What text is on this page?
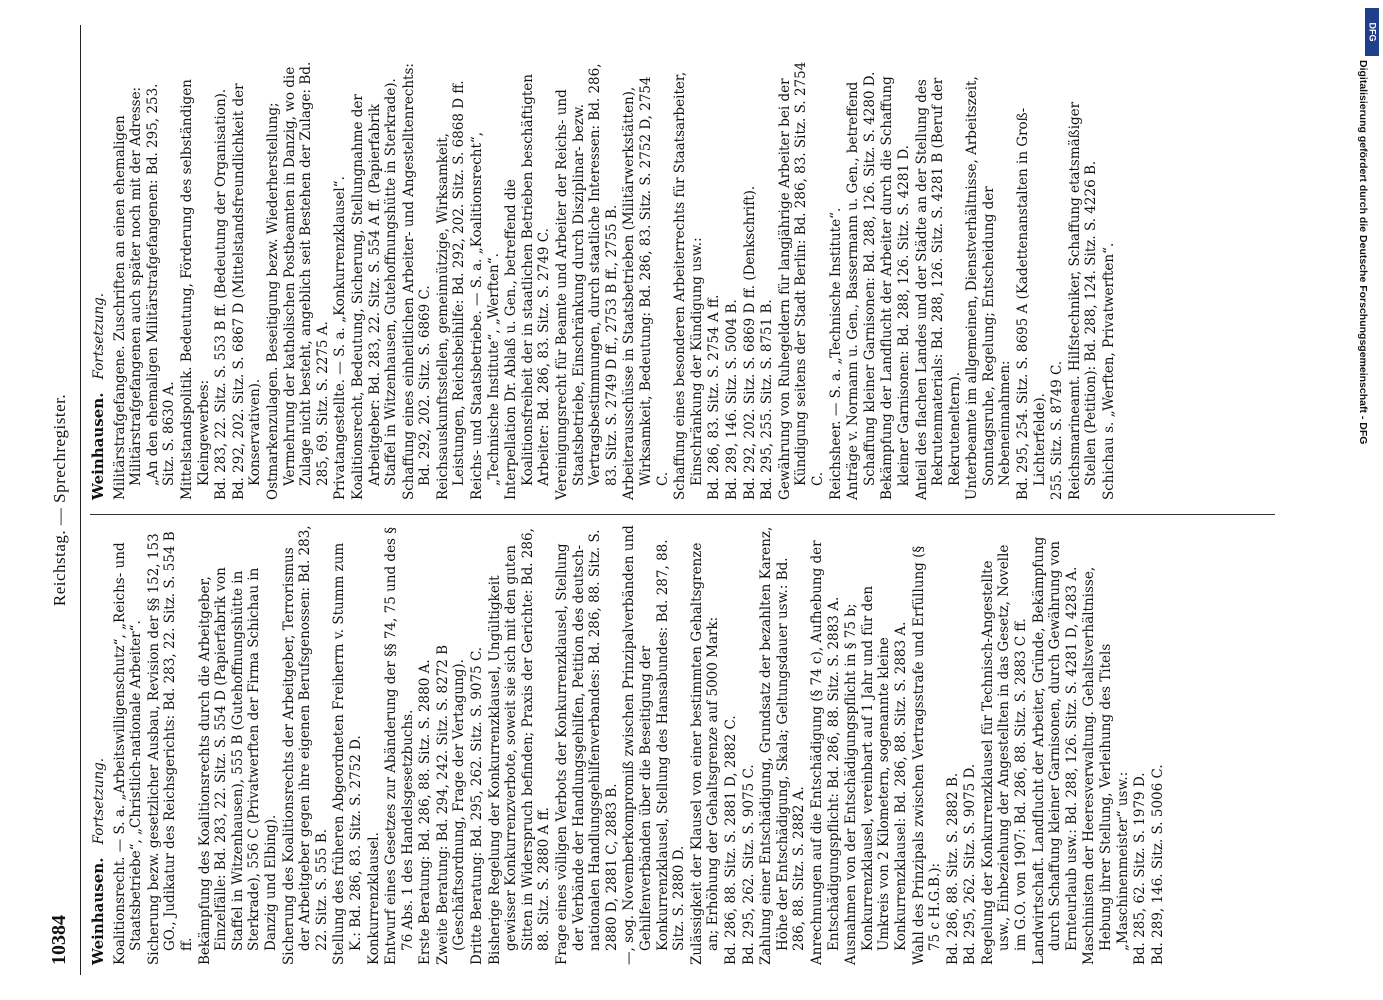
10384
Reichstag. — Sprechregister.
Weinhausen. Fortsetzung. Koalitionsrecht. — S. a. „Arbeitswilligenschutz“, „Reichs- und Staatsbetriebe“, „Christlich-nationale Arbeiter“. Sicherung bezw. gesetzlicher Ausbau, Revision der §§ 152, 153 GO., Judikatur des Reichsgerichts: Bd. 283, 22. Sitz. S. 554 B ff. Bekämpfung des Koalitionsrechts durch die Arbeitgeber, Einzelfälle: Bd. 283, 22. Sitz. S. 554 D (Papierfabrik von Staffel in Witzenhausen), 555 B (Gutehoffnungshütte in Sterkrade), 556 C (Privatwerften der Firma Schichau in Danzig und Elbing). Sicherung des Koalitionsrechts der Arbeitgeber, Terrorismus der Arbeitgeber gegen ihre eigenen Berufsgenossen: Bd. 283, 22. Sitz. S. 555 B. Stellung des früheren Abgeordneten Freiherrn v. Stumm zum K.: Bd. 286, 83. Sitz. S. 2752 D. Konkurrenzklausel. Entwurf eines Gesetzes zur Abänderung der §§ 74, 75 und des § 76 Abs. 1 des Handelsgesetzbuchs. Erste Beratung: Bd. 286, 88. Sitz. S. 2880 A. Zweite Beratung: Bd. 294, 242. Sitz. S. 8272 B (Geschäftsordnung, Frage der Vertagung). Dritte Beratung: Bd. 295, 262. Sitz. S. 9075 C. Bisherige Regelung der Konkurrenzklausel, Ungültigkeit gewisser Konkurrenzverbote, soweit sie sich mit den guten Sitten in Widerspruch befinden; Praxis der Gerichte: Bd. 286, 88. Sitz. S. 2880 A ff. Frage eines völligen Verbots der Konkurrenzklausel, Stellung der Verbände der Handlungsgehilfen, Petition des deutsch-nationalen Handlungsgehilfenverbandes: Bd. 286, 88. Sitz. S. 2880 D, 2881 C, 2883 B. —, sog. Novemberkompromiß zwischen Prinzipalverbänden und Gehilfenverbänden über die Beseitigung der Konkurrenzklausel, Stellung des Hansabundes: Bd. 287, 88. Sitz. S. 2880 D. Zulässigkeit der Klausel von einer bestimmten Gehaltsgrenze an; Erhöhung der Gehaltsgrenze auf 5000 Mark: Bd. 286, 88. Sitz. S. 2881 D, 2882 C. Bd. 295, 262. Sitz. S. 9075 C. Zahlung einer Entschädigung, Grundsatz der bezahlten Karenz, Höhe der Entschädigung, Skala; Geltungsdauer usw.: Bd. 286, 88. Sitz. S. 2882 A. Anrechnungen auf die Entschädigung (§ 74 c), Aufhebung der Entschädigungspflicht: Bd. 286, 88. Sitz. S. 2883 A. Ausnahmen von der Entschädigungspflicht in § 75 b; Konkurrenzklausel, vereinbart auf 1 Jahr und für den Umkreis von 2 Kilometern, sogenannte kleine Konkurrenzklausel: Bd. 286, 88. Sitz. S. 2883 A. Wahl des Prinzipals zwischen Vertragsstrafe und Erfüllung (§ 75 c H.G.B.): Bd. 286, 88. Sitz. S. 2882 B. Bd. 295, 262. Sitz. S. 9075 D. Regelung der Konkurrenzklausel für Technisch-Angestellte usw., Einbeziehung der Angestellten in das Gesetz, Novelle im G.O. von 1907: Bd. 286, 88. Sitz. S. 2883 C ff. Landwirtschaft. Landflucht der Arbeiter, Gründe, Bekämpfung durch Schaffung kleiner Garnisonen, durch Gewährung von Ernteurlaub usw.: Bd. 288, 126. Sitz. S. 4281 D, 4283 A. Maschinisten der Heeresverwaltung. Gehaltsverhältnisse, Hebung ihrer Stellung, Verleihung des Titels „Maschinenmeister“ usw.: Bd. 285, 62. Sitz. S. 1979 D. Bd. 289, 146. Sitz. S. 5006 C.
Weinhausen. Fortsetzung. Militärstrafgefangene. Zuschriften an einen ehemaligen Militärstrafgefangenen auch später noch mit der Adresse: „An den ehemaligen Militärstrafgefangenen: Bd. 295, 253. Sitz. S. 8630 A. Mittelstandspolitik. Bedeutung, Förderung des selbständigen Kleingewerbes: Bd. 283, 22. Sitz. S. 553 B ff. (Bedeutung der Organisation). Bd. 292, 202. Sitz. S. 6867 D (Mittelstandsfreundlichkeit der Konservativen). Ostmarkenzulagen. Beseitigung bezw. Wiederherstellung; Vermehrung der katholischen Postbeamten in Danzig, wo die Zulage nicht besteht, angeblich seit Bestehen der Zulage: Bd. 285, 69. Sitz. S. 2275 A. Privatangestellte. — S. a. „Konkurrenzklausel“. Koalitionsrecht, Bedeutung, Sicherung, Stellungnahme der Arbeitgeber: Bd. 283, 22. Sitz. S. 554 A ff. (Papierfabrik Staffel in Witzenhausen, Gutehoffnungshütte in Sterkrade). Schaffung eines einheitlichen Arbeiter- und Angestelltenrechts: Bd. 292, 202. Sitz. S. 6869 C. Reichsauskunftsstellen, gemeinnützige, Wirksamkeit, Leistungen, Reichsbeihilfe: Bd. 292, 202. Sitz. S. 6868 D ff. Reichs- und Staatsbetriebe. — S. a. „Koalitionsrecht“, „Technische Institute“, „Werften“. Interpellation Dr. Ablaß u. Gen., betreffend die Koalitionsfreiheit der in staatlichen Betrieben beschäftigten Arbeiter: Bd. 286, 83. Sitz. S. 2749 C. Vereinigungsrecht für Beamte und Arbeiter der Reichs- und Staatsbetriebe, Einschränkung durch Disziplinar- bezw. Vertragsbestimmungen, durch staatliche Interessen: Bd. 286, 83. Sitz. S. 2749 D ff., 2753 B ff., 2755 B. Arbeiterausschüsse in Staatsbetrieben (Militärwerkstätten), Wirksamkeit, Bedeutung: Bd. 286, 83. Sitz. S. 2752 D, 2754 C. Schaffung eines besonderen Arbeiterrechts für Staatsarbeiter, Einschränkung der Kündigung usw.: Bd. 286, 83. Sitz. S. 2754 A ff. Bd. 289, 146. Sitz. S. 5004 B. Bd. 292, 202. Sitz. S. 6869 D ff. (Denkschrift). Bd. 295, 255. Sitz. S. 8751 B. Gewährung von Ruhegeldern für langjährige Arbeiter bei der Kündigung seitens der Stadt Berlin: Bd. 286, 83. Sitz. S. 2754 C. Reichsheer. — S. a. „Technische Institute“. Anträge v. Normann u. Gen., Bassermann u. Gen., betreffend Schaffung kleiner Garnisonen: Bd. 288, 126. Sitz. S. 4280 D. Bekämpfung der Landflucht der Arbeiter durch die Schaffung kleiner Garnisonen: Bd. 288, 126. Sitz. S. 4281 D. Anteil des flachen Landes und der Städte an der Stellung des Rekrutenmaterials: Bd. 288, 126. Sitz. S. 4281 B (Beruf der Rekruteneltern). Unterbeamte im allgemeinen, Dienstverhältnisse, Arbeitszeit, Sonntagsruhe, Regelung; Entscheidung der Nebeneinnahmen: Bd. 295, 254. Sitz. S. 8695 A (Kadettenanstalten in Groß-Lichterfelde). 255. Sitz. S. 8749 C. Reichsmarineamt. Hilfstechniker, Schaffung etatsmäßiger Stellen (Petition): Bd. 288, 124. Sitz. S. 4226 B. Schichau s. „Werften, Privatwerften“.
DFG
Digitalisierung gefördert durch die Deutsche Forschungsgemeinschaft - DFG
